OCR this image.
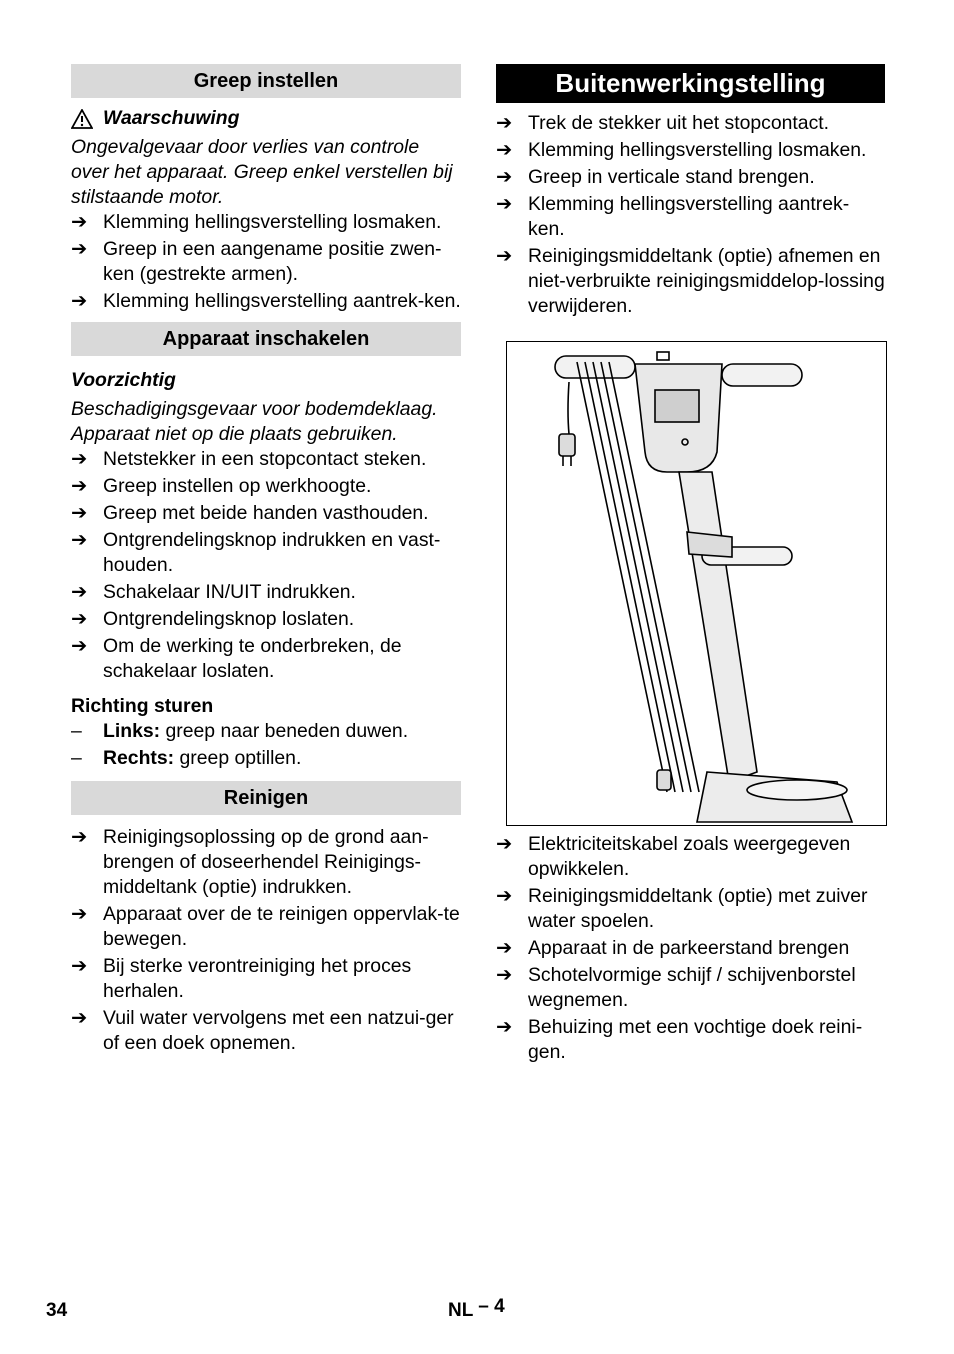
Greep instellen
Waarschuwing

Ongevalgevaar door verlies van controle over het apparaat. Greep enkel verstellen bij stilstaande motor.

➔ Klemming hellingsverstelling losmaken.
➔ Greep in een aangename positie zwen-ken (gestrekte armen).
➔ Klemming hellingsverstelling aantrek-ken.
Apparaat inschakelen

Voorzichtig

Beschadigingsgevaar voor bodemdeklaag. Apparaat niet op die plaats gebruiken.

➔ Netstekker in een stopcontact steken.
➔ Greep instellen op werkhoogte.
➔ Greep met beide handen vasthouden.
➔ Ontgrendelingsknop indrukken en vast-houden.
➔ Schakelaar IN/UIT indrukken.
➔ Ontgrendelingsknop loslaten.
➔ Om de werking te onderbreken, de schakelaar loslaten.

Richting sturen

– Links: greep naar beneden duwen.
– Rechts: greep optillen.
Reinigen
➔ Reinigingsoplossing op de grond aan-brengen of doseerhendel Reinigings-middeltank (optie) indrukken.
➔ Apparaat over de te reinigen oppervlak-te bewegen.
➔ Bij sterke verontreiniging het proces herhalen.
➔ Vuil water vervolgens met een natzui-ger of een doek opnemen.
Buitenwerkingstelling
➔ Trek de stekker uit het stopcontact.
➔ Klemming hellingsverstelling losmaken.
➔ Greep in verticale stand brengen.
➔ Klemming hellingsverstelling aantrek-ken.
➔ Reinigingsmiddeltank (optie) afnemen en niet-verbruikte reinigingsmiddelop-lossing verwijderen.
➔ Elektriciteitskabel zoals weergegeven opwikkelen.
➔ Reinigingsmiddeltank (optie) met zuiver water spoelen.
➔ Apparaat in de parkeerstand brengen
➔ Schotelvormige schijf / schijvenborstel wegnemen.
➔ Behuizing met een vochtige doek reini-gen.
34	NL – 4
